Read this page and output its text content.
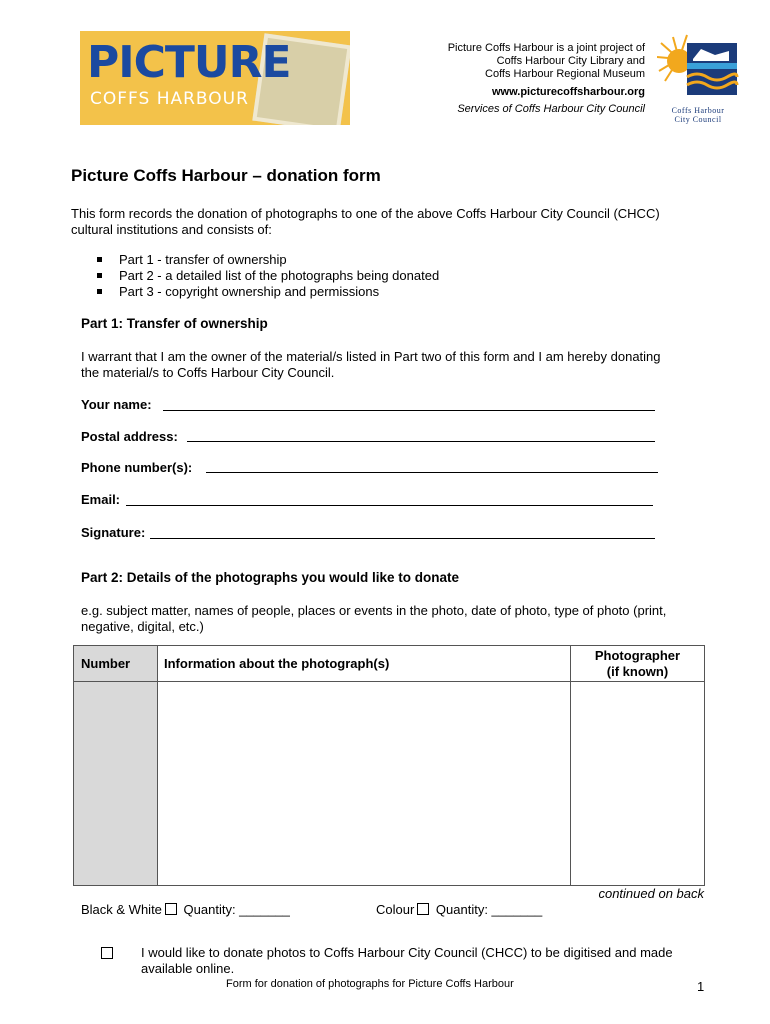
PICTURE
COFFS HARBOUR
Picture Coffs Harbour is a joint project of
Coffs Harbour City Library and
Coffs Harbour Regional Museum
www.picturecoffsharbour.org
Services of Coffs Harbour City Council	Coffs Harbour
City Council
Picture Coffs Harbour – donation form
This form records the donation of photographs to one of the above Coffs Harbour City Council (CHCC) cultural institutions and consists of:
Part 1 - transfer of ownership
Part 2 - a detailed list of the photographs being donated
Part 3 - copyright ownership and permissions
Part 1: Transfer of ownership
I warrant that I am the owner of the material/s listed in Part two of this form and I am hereby donating the material/s to Coffs Harbour City Council.
Your name:
Postal address:
Phone number(s):
Email:
Signature:
Part 2: Details of the photographs you would like to donate
e.g. subject matter, names of people, places or events in the photo, date of photo, type of photo (print, negative, digital, etc.)
Number	Information about the photograph(s)	Photographer
(if known)

continued on back
Black & White Quantity: _______	Colour Quantity: _______
I would like to donate photos to Coffs Harbour City Council (CHCC) to be digitised and made available online.
Form for donation of photographs for Picture Coffs Harbour	1
